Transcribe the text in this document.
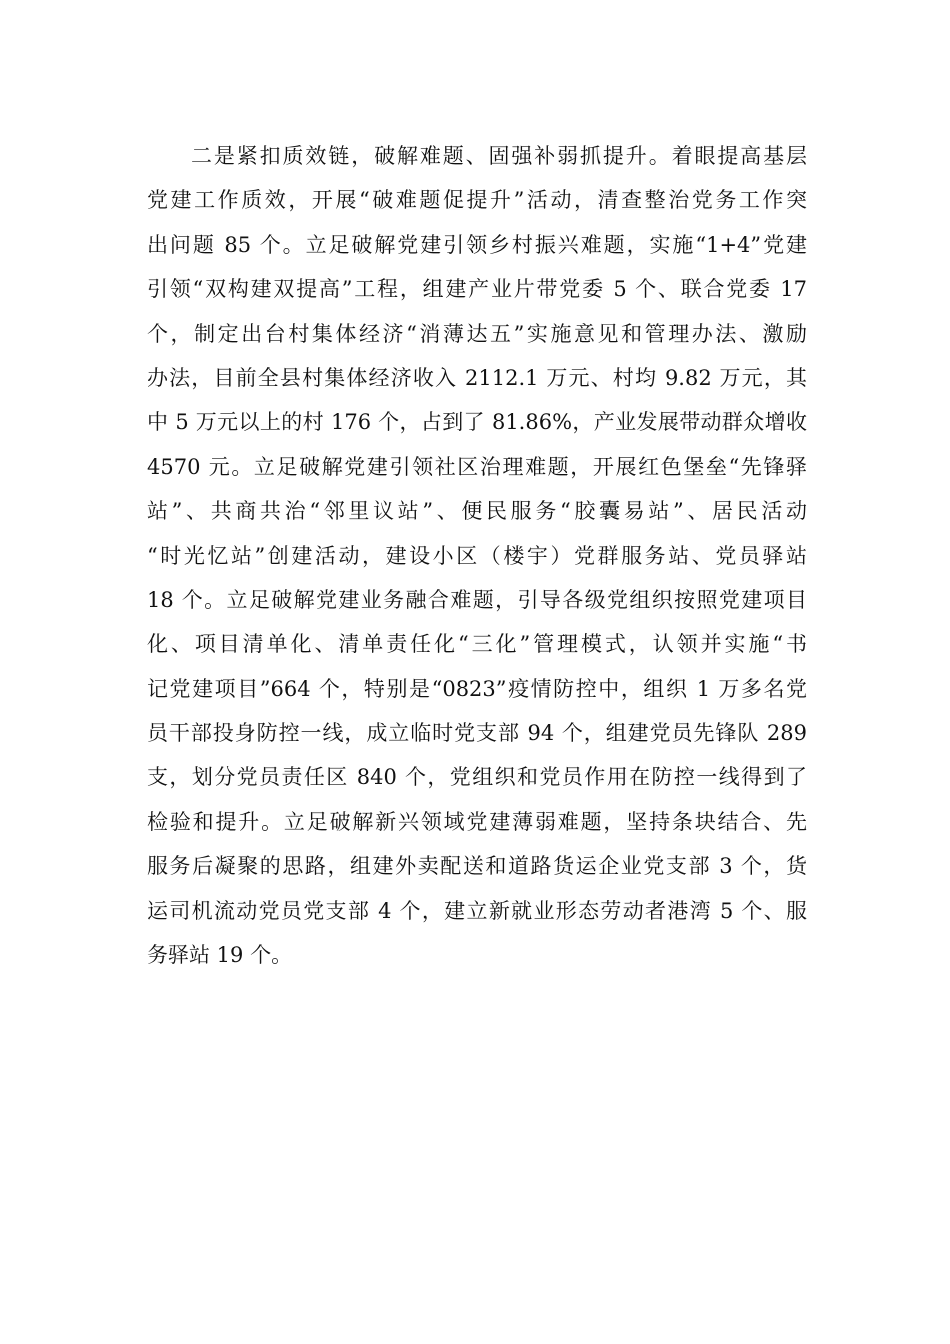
二是紧扣质效链，破解难题、固强补弱抓提升。着眼提高基层
党建工作质效，开展“破难题促提升”活动，清查整治党务工作突
出问题 85 个。立足破解党建引领乡村振兴难题，实施“1+4”党建
引领“双构建双提高”工程，组建产业片带党委 5 个、联合党委 17
个，制定出台村集体经济“消薄达五”实施意见和管理办法、激励
办法，目前全县村集体经济收入 2112.1 万元、村均 9.82 万元，其
中 5 万元以上的村 176 个，占到了 81.86%，产业发展带动群众增收
4570 元。立足破解党建引领社区治理难题，开展红色堡垒“先锋驿
站”、共商共治“邻里议站”、便民服务“胶囊易站”、居民活动
“时光忆站”创建活动，建设小区（楼宇）党群服务站、党员驿站
18 个。立足破解党建业务融合难题，引导各级党组织按照党建项目
化、项目清单化、清单责任化“三化”管理模式，认领并实施“书
记党建项目”664 个，特别是“0823”疫情防控中，组织 1 万多名党
员干部投身防控一线，成立临时党支部 94 个，组建党员先锋队 289
支，划分党员责任区 840 个，党组织和党员作用在防控一线得到了
检验和提升。立足破解新兴领域党建薄弱难题，坚持条块结合、先
服务后凝聚的思路，组建外卖配送和道路货运企业党支部 3 个，货
运司机流动党员党支部 4 个，建立新就业形态劳动者港湾 5 个、服
务驿站 19 个。
